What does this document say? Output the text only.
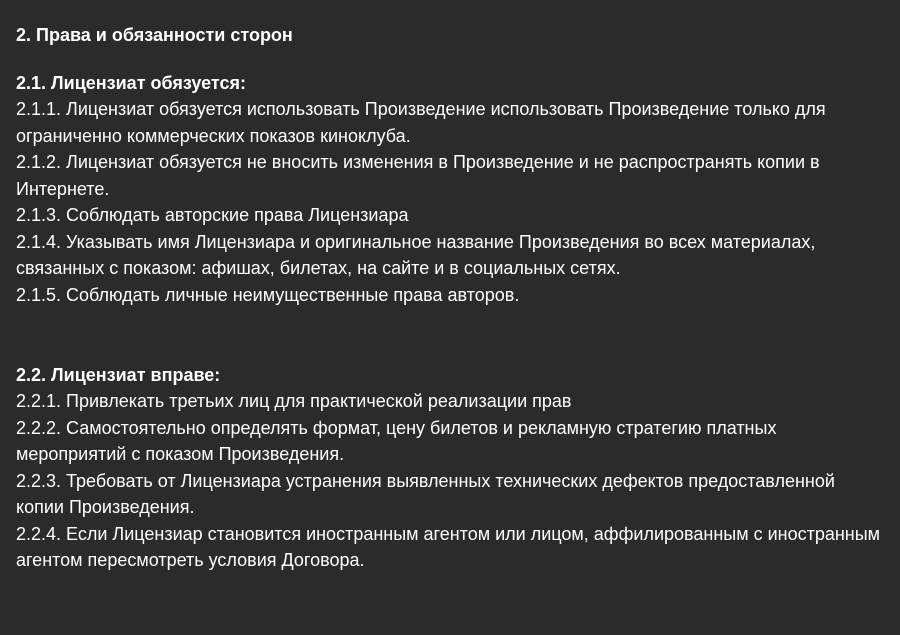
2. Права и обязанности сторон
2.1. Лицензиат обязуется:
2.1.1. Лицензиат обязуется использовать Произведение использовать Произведение только для ограниченно коммерческих показов киноклуба.
2.1.2. Лицензиат обязуется не вносить изменения в Произведение и не распространять копии в Интернете.
2.1.3. Соблюдать авторские права Лицензиара
2.1.4. Указывать имя Лицензиара и оригинальное название Произведения во всех материалах, связанных с показом: афишах, билетах, на сайте и в социальных сетях.
2.1.5. Соблюдать личные неимущественные права авторов.
2.2. Лицензиат вправе:
2.2.1. Привлекать третьих лиц для практической реализации прав
2.2.2. Самостоятельно определять формат, цену билетов и рекламную стратегию платных мероприятий с показом Произведения.
2.2.3. Требовать от Лицензиара устранения выявленных технических дефектов предоставленной копии Произведения.
2.2.4. Если Лицензиар становится иностранным агентом или лицом, аффилированным с иностранным агентом пересмотреть условия Договора.
